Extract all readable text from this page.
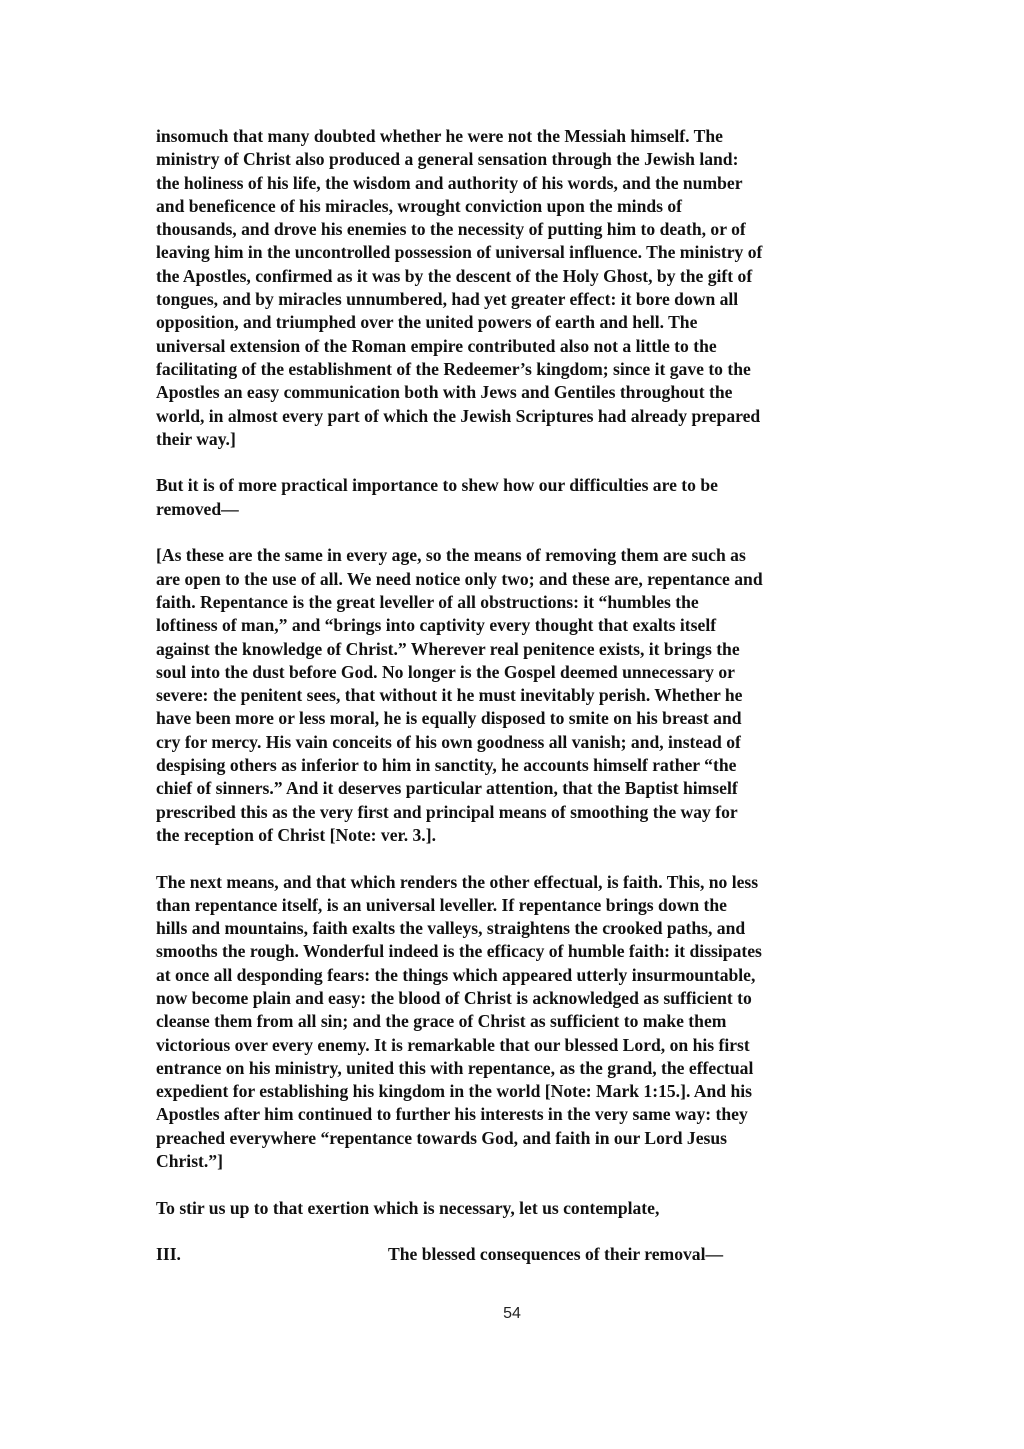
insomuch that many doubted whether he were not the Messiah himself. The
ministry of Christ also produced a general sensation through the Jewish land:
the holiness of his life, the wisdom and authority of his words, and the number
and beneficence of his miracles, wrought conviction upon the minds of
thousands, and drove his enemies to the necessity of putting him to death, or of
leaving him in the uncontrolled possession of universal influence. The ministry of
the Apostles, confirmed as it was by the descent of the Holy Ghost, by the gift of
tongues, and by miracles unnumbered, had yet greater effect: it bore down all
opposition, and triumphed over the united powers of earth and hell. The
universal extension of the Roman empire contributed also not a little to the
facilitating of the establishment of the Redeemer’s kingdom; since it gave to the
Apostles an easy communication both with Jews and Gentiles throughout the
world, in almost every part of which the Jewish Scriptures had already prepared
their way.]
But it is of more practical importance to shew how our difficulties are to be
removed—
[As these are the same in every age, so the means of removing them are such as
are open to the use of all. We need notice only two; and these are, repentance and
faith. Repentance is the great leveller of all obstructions: it “humbles the
loftiness of man,” and “brings into captivity every thought that exalts itself
against the knowledge of Christ.” Wherever real penitence exists, it brings the
soul into the dust before God. No longer is the Gospel deemed unnecessary or
severe: the penitent sees, that without it he must inevitably perish. Whether he
have been more or less moral, he is equally disposed to smite on his breast and
cry for mercy. His vain conceits of his own goodness all vanish; and, instead of
despising others as inferior to him in sanctity, he accounts himself rather “the
chief of sinners.” And it deserves particular attention, that the Baptist himself
prescribed this as the very first and principal means of smoothing the way for
the reception of Christ [Note: ver. 3.].
The next means, and that which renders the other effectual, is faith. This, no less
than repentance itself, is an universal leveller. If repentance brings down the
hills and mountains, faith exalts the valleys, straightens the crooked paths, and
smooths the rough. Wonderful indeed is the efficacy of humble faith: it dissipates
at once all desponding fears: the things which appeared utterly insurmountable,
now become plain and easy: the blood of Christ is acknowledged as sufficient to
cleanse them from all sin; and the grace of Christ as sufficient to make them
victorious over every enemy. It is remarkable that our blessed Lord, on his first
entrance on his ministry, united this with repentance, as the grand, the effectual
expedient for establishing his kingdom in the world [Note: Mark 1:15.]. And his
Apostles after him continued to further his interests in the very same way: they
preached everywhere “repentance towards God, and faith in our Lord Jesus
Christ.”]
To stir us up to that exertion which is necessary, let us contemplate,
III.	The blessed consequences of their removal—
54
